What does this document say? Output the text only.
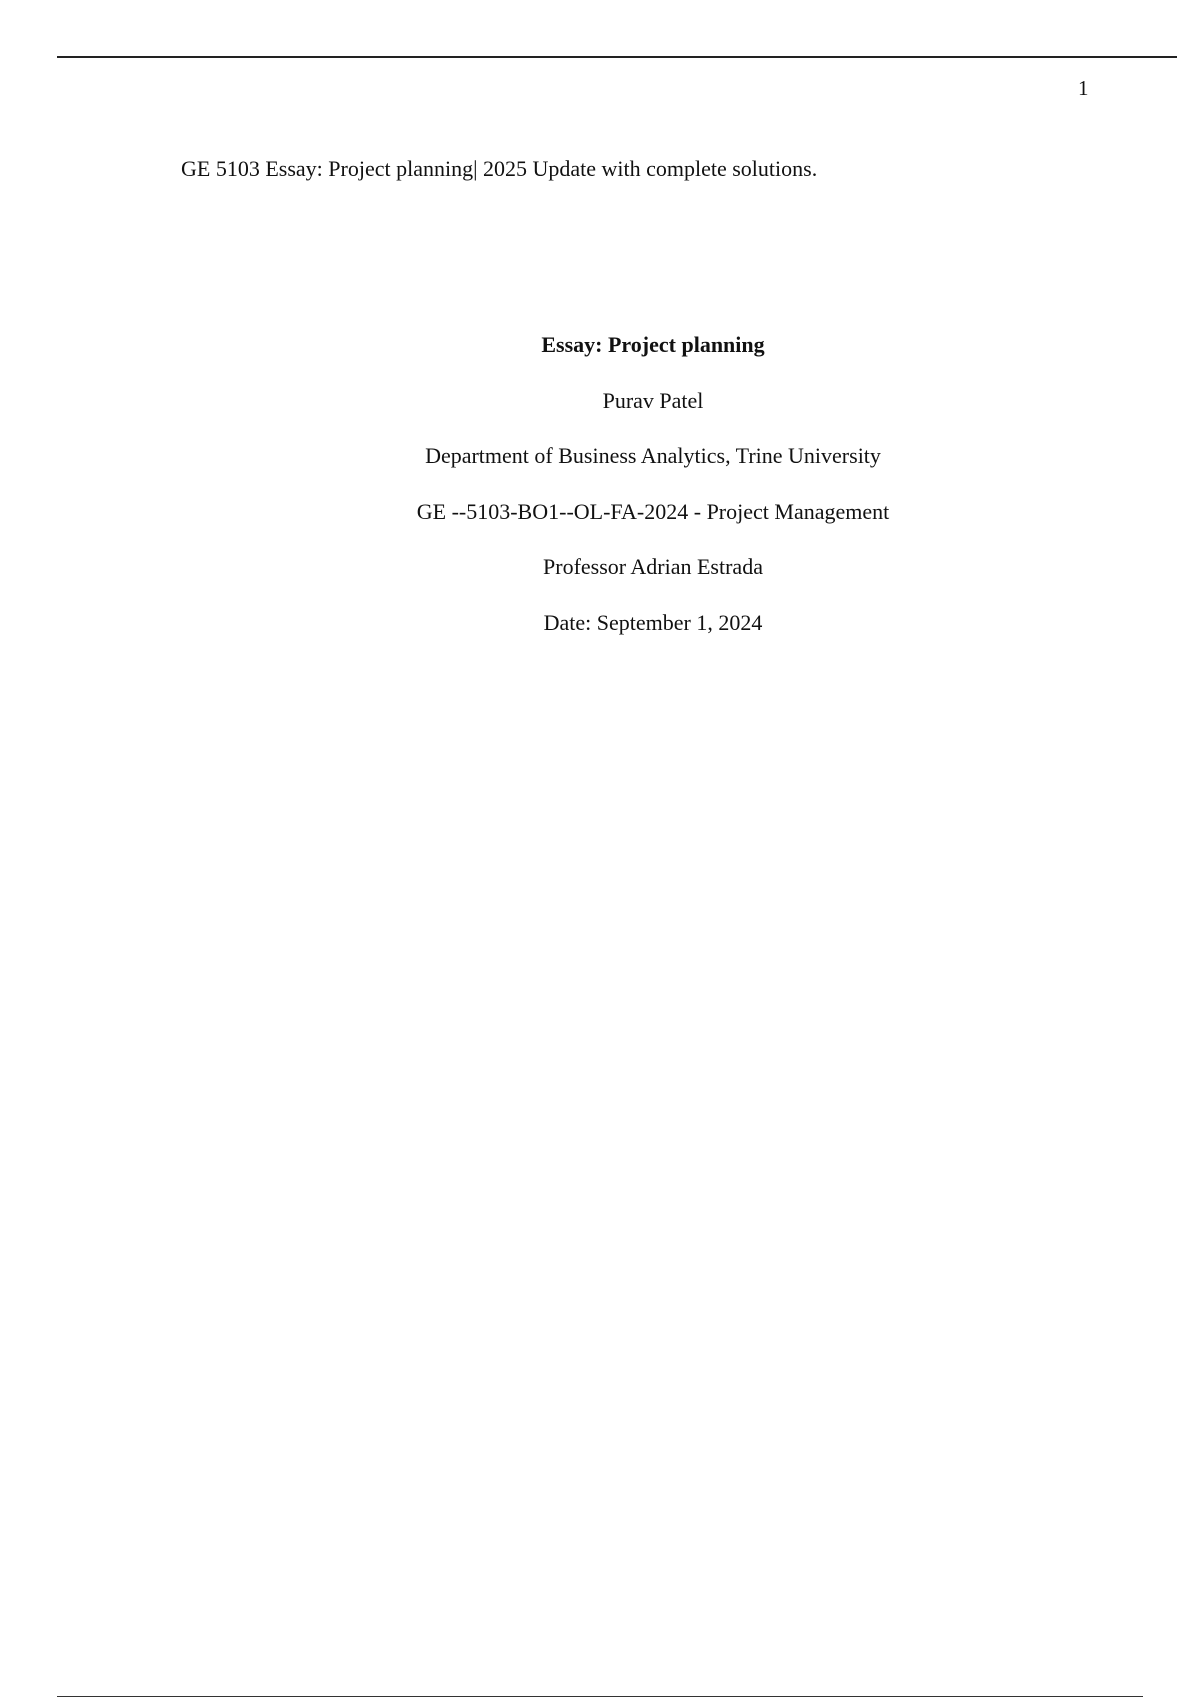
1
GE 5103 Essay: Project planning| 2025 Update with complete solutions.
Essay: Project planning
Purav Patel
Department of Business Analytics, Trine University
GE --5103-BO1--OL-FA-2024 - Project Management
Professor Adrian Estrada
Date: September 1, 2024
